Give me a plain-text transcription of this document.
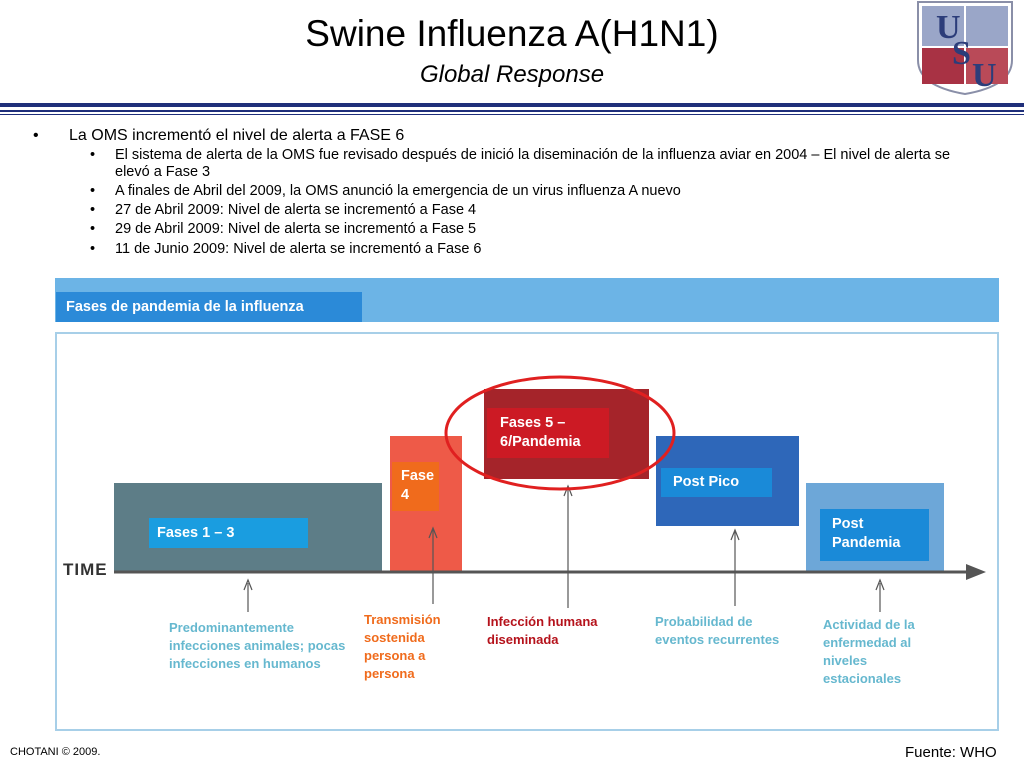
Swine Influenza A(H1N1)
Global Response
U
S
U
• La OMS incrementó el nivel de alerta a FASE 6
• El sistema de alerta de la OMS fue revisado después de inició la diseminación de la influenza aviar en 2004 – El nivel de alerta se elevó a Fase 3
• A finales de Abril del 2009, la OMS anunció la emergencia de un virus influenza A nuevo
• 27 de Abril 2009: Nivel de alerta se incrementó a Fase 4
• 29 de Abril 2009: Nivel de alerta se incrementó a Fase 5
• 11 de Junio 2009: Nivel de alerta se incrementó a Fase 6
Fases de pandemia de la influenza
Fases 1 – 3
Fase 4
Fases 5 – 6/Pandemia
Post Pico
Post Pandemia
TIME
Predominantemente infecciones animales; pocas infecciones en humanos
Transmisión sostenida persona a persona
Infección humana diseminada
Probabilidad de eventos recurrentes
Actividad de la enfermedad al niveles estacionales
CHOTANI © 2009.	Fuente: WHO
